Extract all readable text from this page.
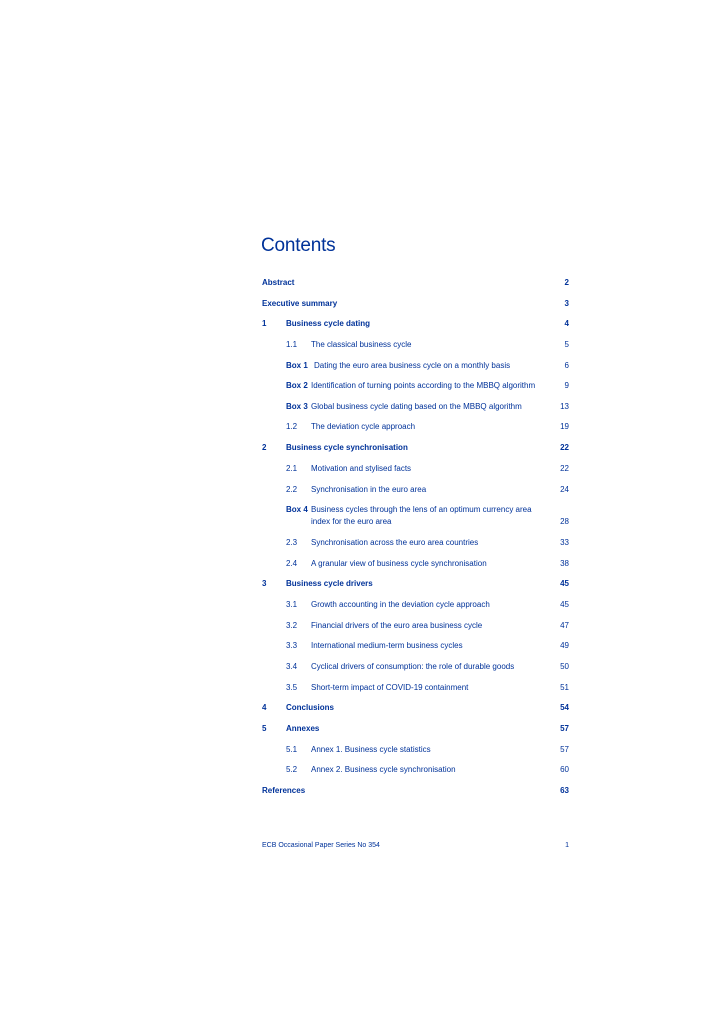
Contents
Abstract	2
Executive summary	3
1 Business cycle dating	4
1.1 The classical business cycle	5
Box 1 Dating the euro area business cycle on a monthly basis	6
Box 2 Identification of turning points according to the MBBQ algorithm	9
Box 3 Global business cycle dating based on the MBBQ algorithm	13
1.2 The deviation cycle approach	19
2 Business cycle synchronisation	22
2.1 Motivation and stylised facts	22
2.2 Synchronisation in the euro area	24
Box 4 Business cycles through the lens of an optimum currency area
index for the euro area	28
2.3 Synchronisation across the euro area countries	33
2.4 A granular view of business cycle synchronisation	38
3 Business cycle drivers	45
3.1 Growth accounting in the deviation cycle approach	45
3.2 Financial drivers of the euro area business cycle	47
3.3 International medium-term business cycles	49
3.4 Cyclical drivers of consumption: the role of durable goods	50
3.5 Short-term impact of COVID-19 containment	51
4 Conclusions	54
5 Annexes	57
5.1 Annex 1. Business cycle statistics	57
5.2 Annex 2. Business cycle synchronisation	60
References	63
ECB Occasional Paper Series No 354	1
